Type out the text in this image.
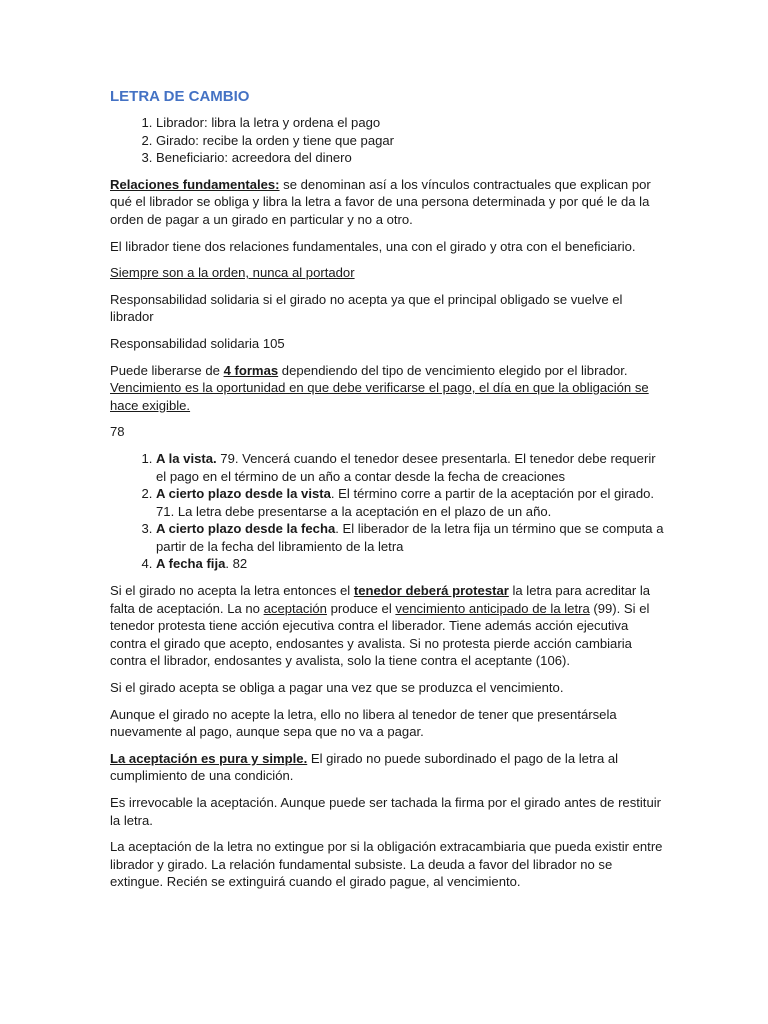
LETRA DE CAMBIO
1. Librador: libra la letra y ordena el pago
2. Girado: recibe la orden y tiene que pagar
3. Beneficiario: acreedora del dinero

Relaciones fundamentales: se denominan así a los vínculos contractuales que explican por qué el librador se obliga y libra la letra a favor de una persona determinada y por qué le da la orden de pagar a un girado en particular y no a otro.

El librador tiene dos relaciones fundamentales, una con el girado y otra con el beneficiario.

Siempre son a la orden, nunca al portador

Responsabilidad solidaria si el girado no acepta ya que el principal obligado se vuelve el librador

Responsabilidad solidaria 105

Puede liberarse de 4 formas dependiendo del tipo de vencimiento elegido por el librador. Vencimiento es la oportunidad en que debe verificarse el pago, el día en que la obligación se hace exigible.

78

1. A la vista. 79. Vencerá cuando el tenedor desee presentarla. El tenedor debe requerir el pago en el término de un año a contar desde la fecha de creaciones
2. A cierto plazo desde la vista. El término corre a partir de la aceptación por el girado. 71. La letra debe presentarse a la aceptación en el plazo de un año.
3. A cierto plazo desde la fecha. El liberador de la letra fija un término que se computa a partir de la fecha del libramiento de la letra
4. A fecha fija. 82

Si el girado no acepta la letra entonces el tenedor deberá protestar la letra para acreditar la falta de aceptación. La no aceptación produce el vencimiento anticipado de la letra (99). Si el tenedor protesta tiene acción ejecutiva contra el liberador. Tiene además acción ejecutiva contra el girado que acepto, endosantes y avalista. Si no protesta pierde acción cambiaria contra el librador, endosantes y avalista, solo la tiene contra el aceptante (106).

Si el girado acepta se obliga a pagar una vez que se produzca el vencimiento.

Aunque el girado no acepte la letra, ello no libera al tenedor de tener que presentársela nuevamente al pago, aunque sepa que no va a pagar.

La aceptación es pura y simple. El girado no puede subordinado el pago de la letra al cumplimiento de una condición.

Es irrevocable la aceptación. Aunque puede ser tachada la firma por el girado antes de restituir la letra.

La aceptación de la letra no extingue por si la obligación extracambiaria que pueda existir entre librador y girado. La relación fundamental subsiste. La deuda a favor del librador no se extingue. Recién se extinguirá cuando el girado pague, al vencimiento.
